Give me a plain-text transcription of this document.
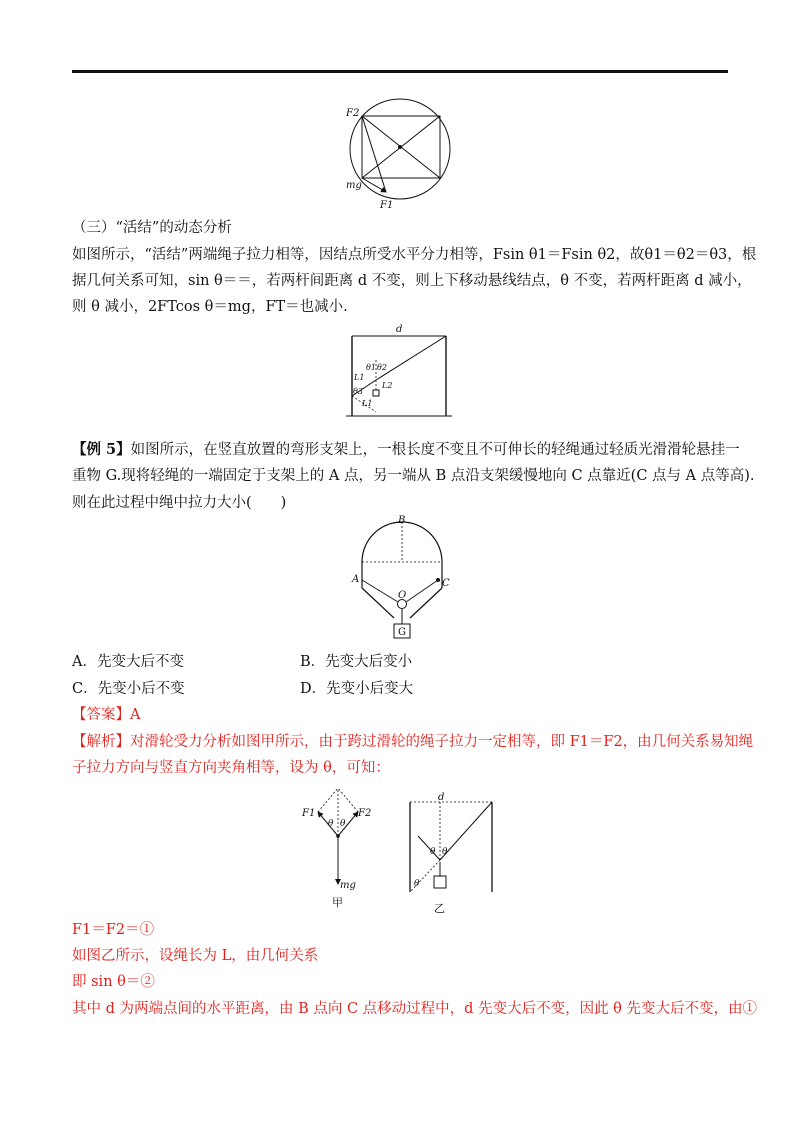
F2
mg
F1
（三）“活结”的动态分析
如图所示，“活结”两端绳子拉力相等，因结点所受水平分力相等，Fsin θ1＝Fsin θ2，故θ1＝θ2＝θ3，根
据几何关系可知，sin θ＝＝，若两杆间距离 d 不变，则上下移动悬线结点，θ 不变，若两杆距离 d 减小，
则 θ 减小，2FTcos θ＝mg，FT＝也减小.
d
θ1 θ2
L1
L2
θ3
L1
【例 5】如图所示，在竖直放置的弯形支架上，一根长度不变且不可伸长的轻绳通过轻质光滑滑轮悬挂一
重物 G.现将轻绳的一端固定于支架上的 A 点，另一端从 B 点沿支架缓慢地向 C 点靠近(C 点与 A 点等高).
则在此过程中绳中拉力大小(　　)
B
A	C
O
G
A．先变大后不变	B．先变大后变小
C．先变小后不变	D．先变小后变大
【答案】A
【解析】对滑轮受力分析如图甲所示，由于跨过滑轮的绳子拉力一定相等，即 F1＝F2，由几何关系易知绳
子拉力方向与竖直方向夹角相等，设为 θ，可知：
F1	F2
θ θ
mg
甲
d
θ θ
θ
乙
F1＝F2＝①
如图乙所示，设绳长为 L，由几何关系
即 sin θ＝②
其中 d 为两端点间的水平距离，由 B 点向 C 点移动过程中，d 先变大后不变，因此 θ 先变大后不变，由①
